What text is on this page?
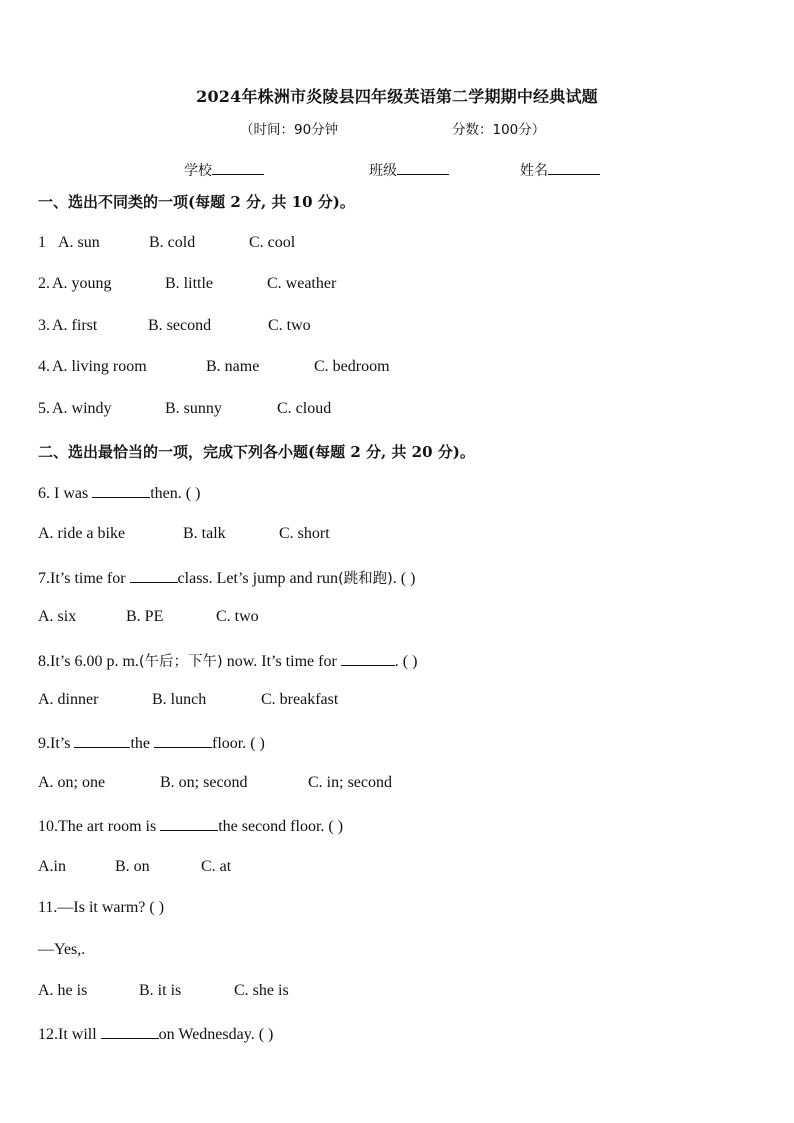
2024年株洲市炎陵县四年级英语第二学期期中经典试题
（时间：90分钟	分数：100分）
学校	班级	姓名
一、选出不同类的一项(每题 2 分, 共 10 分)。
1 A. sun	B. cold	C. cool
2. A. young	B. little	C. weather
3. A. first	B. second	C. two
4. A. living room	B. name	C. bedroom
5. A. windy	B. sunny	C. cloud
二、选出最恰当的一项，完成下列各小题(每题 2 分, 共 20 分)。
6. I was	then. ( )
A. ride a bike	B. talk	C. short
7.It’s time for	class. Let’s jump and run(跳和跑). ( )
A. six	B. PE	C. two
8.It’s 6.00 p. m.(午后；下午) now. It’s time for	. ( )
A. dinner	B. lunch	C. breakfast
9.It’s	the	floor. ( )
A. on; one	B. on; second	C. in; second
10.The art room is	the second floor. ( )
A.in	B. on	C. at
11.—Is it warm? ( )
—Yes,.
A. he is	B. it is	C. she is
12.It will	on Wednesday. ( )
